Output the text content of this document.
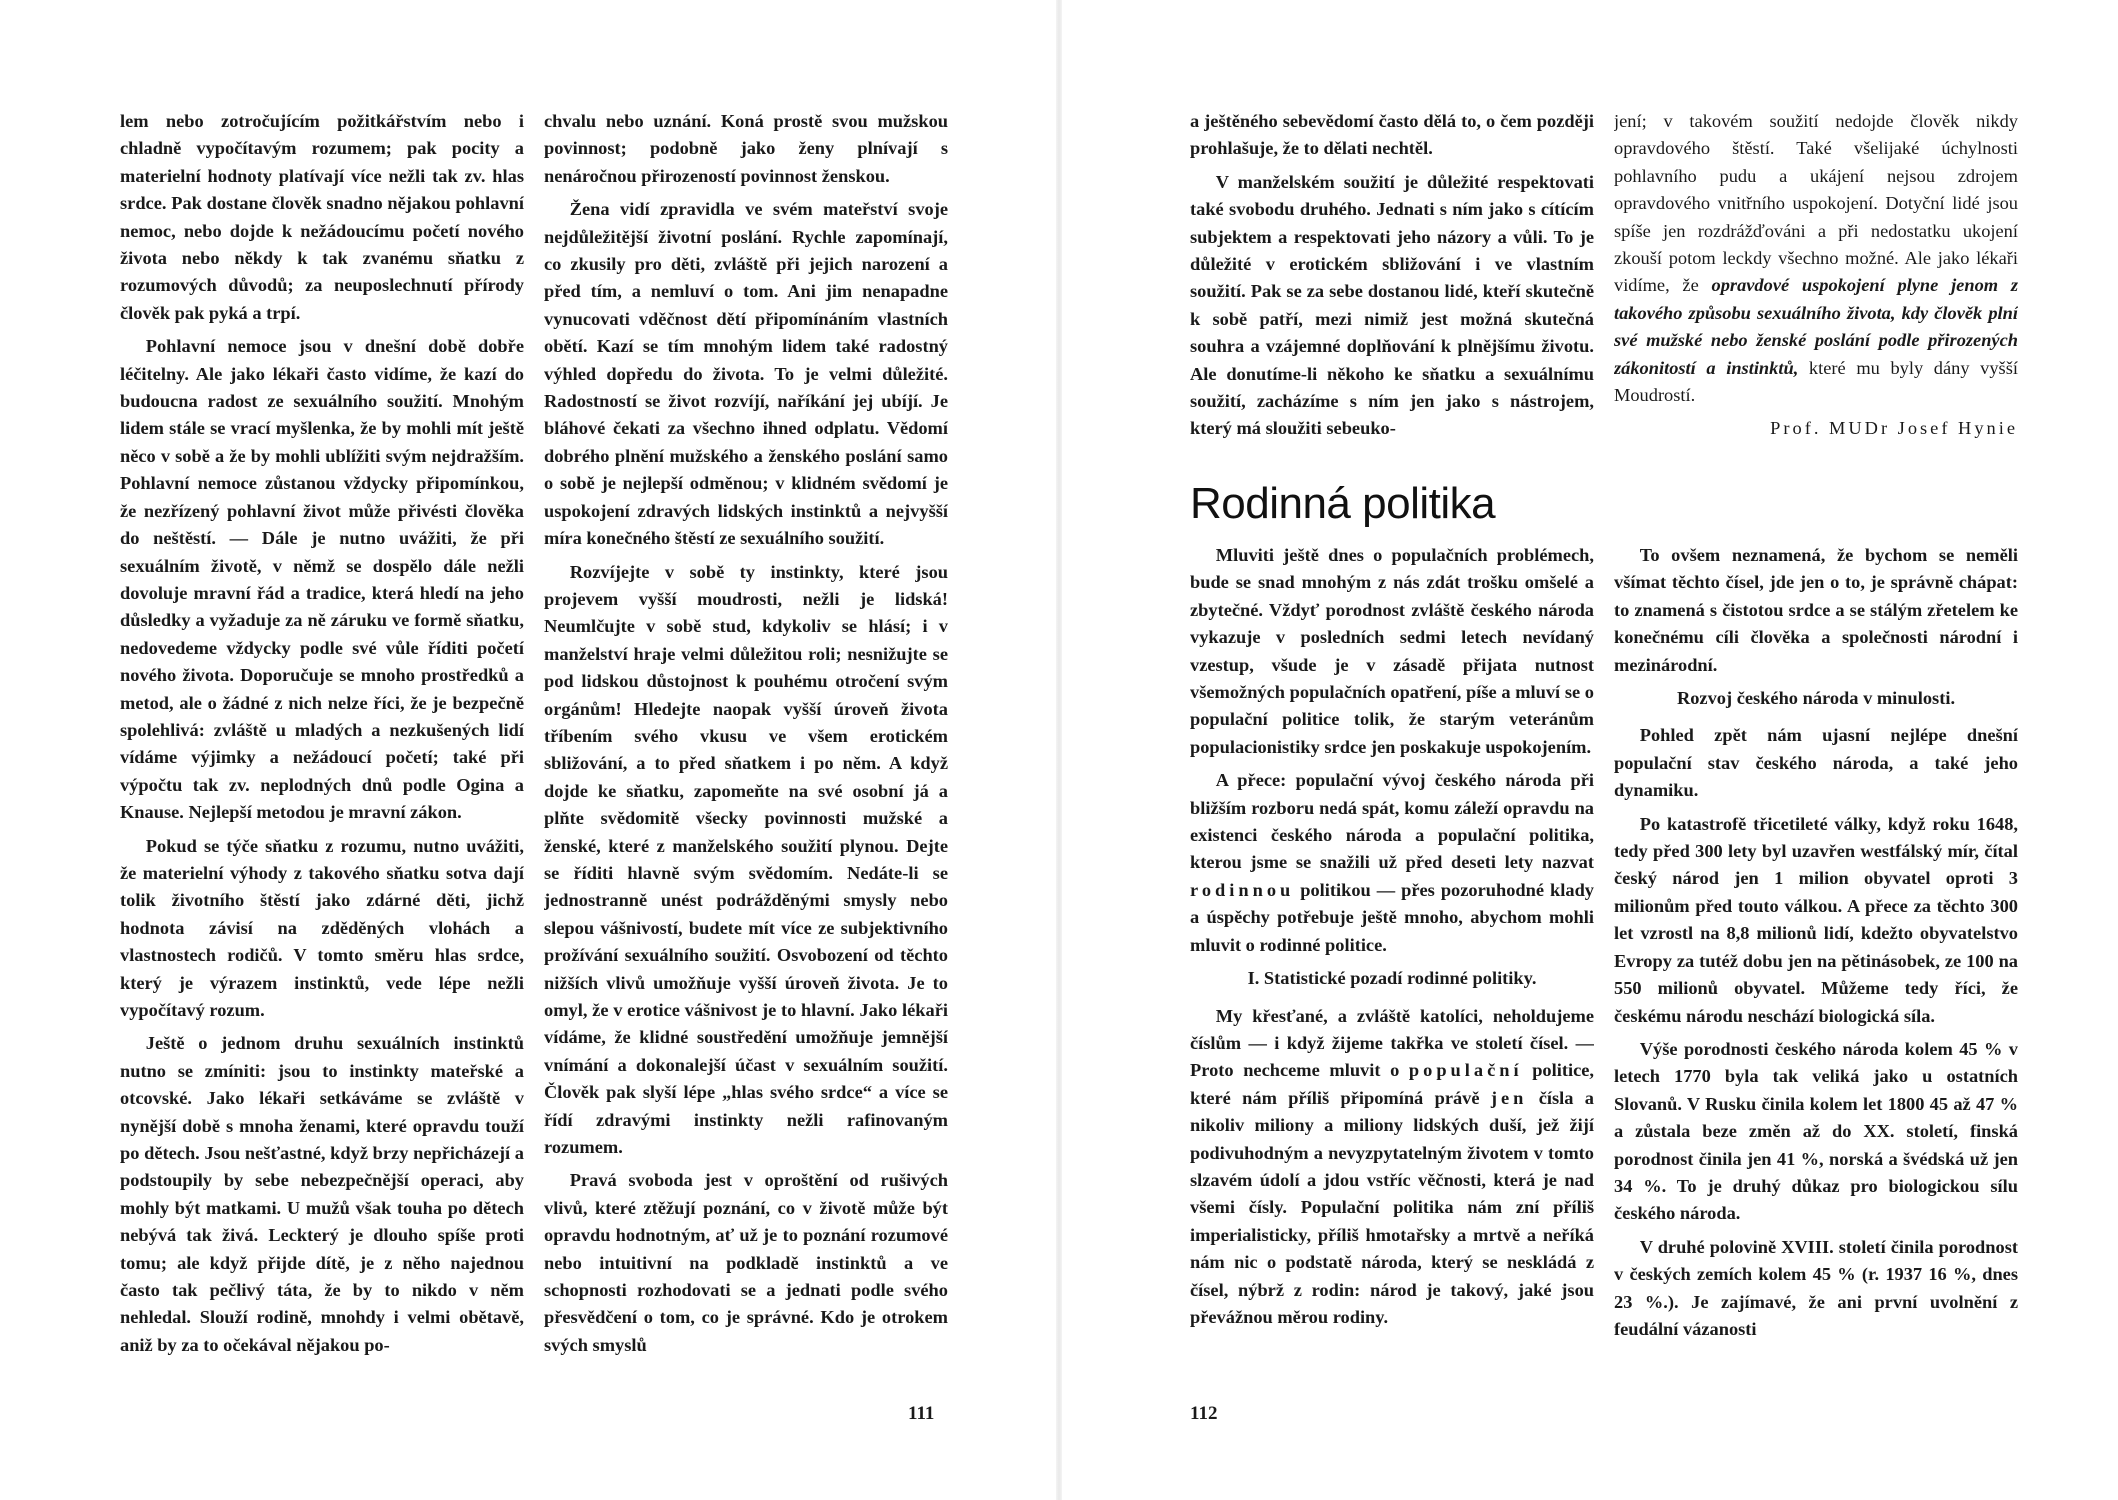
lem nebo zotročujícím požitkářstvím nebo i chladně vypočítavým rozumem; pak pocity a materielní hodnoty platívají více nežli tak zv. hlas srdce. Pak dostane člověk snadno nějakou pohlavní nemoc, nebo dojde k nežádoucímu početí nového života nebo někdy k tak zvanému sňatku z rozumových důvodů; za neuposlechnutí přírody člověk pak pyká a trpí.

Pohlavní nemoce jsou v dnešní době dobře léčitelny. Ale jako lékaři často vidíme, že kazí do budoucna radost ze sexuálního soužití. Mnohým lidem stále se vrací myšlenka, že by mohli mít ještě něco v sobě a že by mohli ublížiti svým nejdražším. Pohlavní nemoce zůstanou vždycky připomínkou, že nezřízený pohlavní život může přivésti člověka do neštěstí. — Dále je nutno uvážiti, že při sexuálním životě, v němž se dospělo dále nežli dovoluje mravní řád a tradice, která hledí na jeho důsledky a vyžaduje za ně záruku ve formě sňatku, nedovedeme vždycky podle své vůle říditi početí nového života. Doporučuje se mnoho prostředků a metod, ale o žádné z nich nelze říci, že je bezpečně spolehlivá: zvláště u mladých a nezkušených lidí vídáme výjimky a nežádoucí početí; také při výpočtu tak zv. neplodných dnů podle Ogina a Knause. Nejlepší metodou je mravní zákon.

Pokud se týče sňatku z rozumu, nutno uvážiti, že materielní výhody z takového sňatku sotva dají tolik životního štěstí jako zdárné děti, jichž hodnota závisí na zděděných vlohách a vlastnostech rodičů. V tomto směru hlas srdce, který je výrazem instinktů, vede lépe nežli vypočítavý rozum.

Ještě o jednom druhu sexuálních instinktů nutno se zmíniti: jsou to instinkty mateřské a otcovské. Jako lékaři setkáváme se zvláště v nynější době s mnoha ženami, které opravdu touží po dětech. Jsou nešťastné, když brzy nepřicházejí a podstoupily by sebe nebezpečnější operaci, aby mohly být matkami. U mužů však touha po dětech nebývá tak živá. Leckterý je dlouho spíše proti tomu; ale když přijde dítě, je z něho najednou často tak pečlivý táta, že by to nikdo v něm nehledal. Slouží rodině, mnohdy i velmi obětavě, aniž by za to očekával nějakou po-

chvalu nebo uznání. Koná prostě svou mužskou povinnost; podobně jako ženy plnívají s nenáročnou přirozeností povinnost ženskou.

Žena vidí zpravidla ve svém mateřství svoje nejdůležitější životní poslání. Rychle zapomínají, co zkusily pro děti, zvláště při jejich narození a před tím, a nemluví o tom. Ani jim nenapadne vynucovati vděčnost dětí připomínáním vlastních obětí. Kazí se tím mnohým lidem také radostný výhled dopředu do života. To je velmi důležité. Radostností se život rozvíjí, naříkání jej ubíjí. Je bláhové čekati za všechno ihned odplatu. Vědomí dobrého plnění mužského a ženského poslání samo o sobě je nejlepší odměnou; v klidném svědomí je uspokojení zdravých lidských instinktů a nejvyšší míra konečného štěstí ze sexuálního soužití.

Rozvíjejte v sobě ty instinkty, které jsou projevem vyšší moudrosti, nežli je lidská! Neumlčujte v sobě stud, kdykoliv se hlásí; i v manželství hraje velmi důležitou roli; nesnižujte se pod lidskou důstojnost k pouhému otročení svým orgánům! Hledejte naopak vyšší úroveň života tříbením svého vkusu ve všem erotickém sbližování, a to před sňatkem i po něm. A když dojde ke sňatku, zapomeňte na své osobní já a plňte svědomitě všecky povinnosti mužské a ženské, které z manželského soužití plynou. Dejte se říditi hlavně svým svědomím. Nedáte-li se jednostranně unést podrážděnými smysly nebo slepou vášnivostí, budete mít více ze subjektivního prožívání sexuálního soužití. Osvobození od těchto nižších vlivů umožňuje vyšší úroveň života. Je to omyl, že v erotice vášnivost je to hlavní. Jako lékaři vídáme, že klidné soustředění umožňuje jemnější vnímání a dokonalejší účast v sexuálním soužití. Člověk pak slyší lépe „hlas svého srdce“ a více se řídí zdravými instinkty nežli rafinovaným rozumem.

Pravá svoboda jest v oproštění od rušivých vlivů, které ztěžují poznání, co v životě může být opravdu hodnotným, ať už je to poznání rozumové nebo intuitivní na podkladě instinktů a ve schopnosti rozhodovati se a jednati podle svého přesvědčení o tom, co je správné. Kdo je otrokem svých smyslů

111

a ještěného sebevědomí často dělá to, o čem později prohlašuje, že to dělati nechtěl.

V manželském soužití je důležité respektovati také svobodu druhého. Jednati s ním jako s cítícím subjektem a respektovati jeho názory a vůli. To je důležité v erotickém sbližování i ve vlastním soužití. Pak se za sebe dostanou lidé, kteří skutečně k sobě patří, mezi nimiž jest možná skutečná souhra a vzájemné doplňování k plnějšímu životu. Ale donutíme-li někoho ke sňatku a sexuálnímu soužití, zacházíme s ním jen jako s nástrojem, který má sloužiti sebeuko-

jení; v takovém soužití nedojde člověk nikdy opravdového štěstí. Také všelijaké úchylnosti pohlavního pudu a ukájení nejsou zdrojem opravdového vnitřního uspokojení. Dotyční lidé jsou spíše jen rozdrážďováni a při nedostatku ukojení zkouší potom leckdy všechno možné. Ale jako lékaři vidíme, že opravdové uspokojení plyne jenom z takového způsobu sexuálního života, kdy člověk plní své mužské nebo ženské poslání podle přirozených zákonitostí a instinktů, které mu byly dány vyšší Moudrostí.

Prof. MUDr Josef Hynie

Rodinná politika

Mluviti ještě dnes o populačních problémech, bude se snad mnohým z nás zdát trošku omšelé a zbytečné. Vždyť porodnost zvláště českého národa vykazuje v posledních sedmi letech nevídaný vzestup, všude je v zásadě přijata nutnost všemožných populačních opatření, píše a mluví se o populační politice tolik, že starým veteránům populacionistiky srdce jen poskakuje uspokojením.

A přece: populační vývoj českého národa při bližším rozboru nedá spát, komu záleží opravdu na existenci českého národa a populační politika, kterou jsme se snažili už před deseti lety nazvat rodinnou politikou — přes pozoruhodné klady a úspěchy potřebuje ještě mnoho, abychom mohli mluvit o rodinné politice.

I. Statistické pozadí rodinné politiky.

My křesťané, a zvláště katolíci, neholdujeme číslům — i když žijeme takřka ve století čísel. — Proto nechceme mluvit o populační politice, které nám příliš připomíná právě jen čísla a nikoliv miliony a miliony lidských duší, jež žijí podivuhodným a nevyzpytatelným životem v tomto slzavém údolí a jdou vstříc věčnosti, která je nad všemi čísly. Populační politika nám zní příliš imperialisticky, příliš hmotařsky a mrtvě a neříká nám nic o podstatě národa, který se neskládá z čísel, nýbrž z rodin: národ je takový, jaké jsou převážnou měrou rodiny.

To ovšem neznamená, že bychom se neměli všímat těchto čísel, jde jen o to, je správně chápat: to znamená s čistotou srdce a se stálým zřetelem ke konečnému cíli člověka a společnosti národní i mezinárodní.

Rozvoj českého národa v minulosti.

Pohled zpět nám ujasní nejlépe dnešní populační stav českého národa, a také jeho dynamiku.

Po katastrofě třicetileté války, když roku 1648, tedy před 300 lety byl uzavřen westfálský mír, čítal český národ jen 1 milion obyvatel oproti 3 milionům před touto válkou. A přece za těchto 300 let vzrostl na 8,8 milionů lidí, kdežto obyvatelstvo Evropy za tutéž dobu jen na pětinásobek, ze 100 na 550 milionů obyvatel. Můžeme tedy říci, že českému národu neschází biologická síla.

Výše porodnosti českého národa kolem 45 % v letech 1770 byla tak veliká jako u ostatních Slovanů. V Rusku činila kolem let 1800 45 až 47 % a zůstala beze změn až do XX. století, finská porodnost činila jen 41 %, norská a švédská už jen 34 %. To je druhý důkaz pro biologickou sílu českého národa.

V druhé polovině XVIII. století činila porodnost v českých zemích kolem 45 % (r. 1937 16 %, dnes 23 %.). Je zajímavé, že ani první uvolnění z feudální vázanosti

112
